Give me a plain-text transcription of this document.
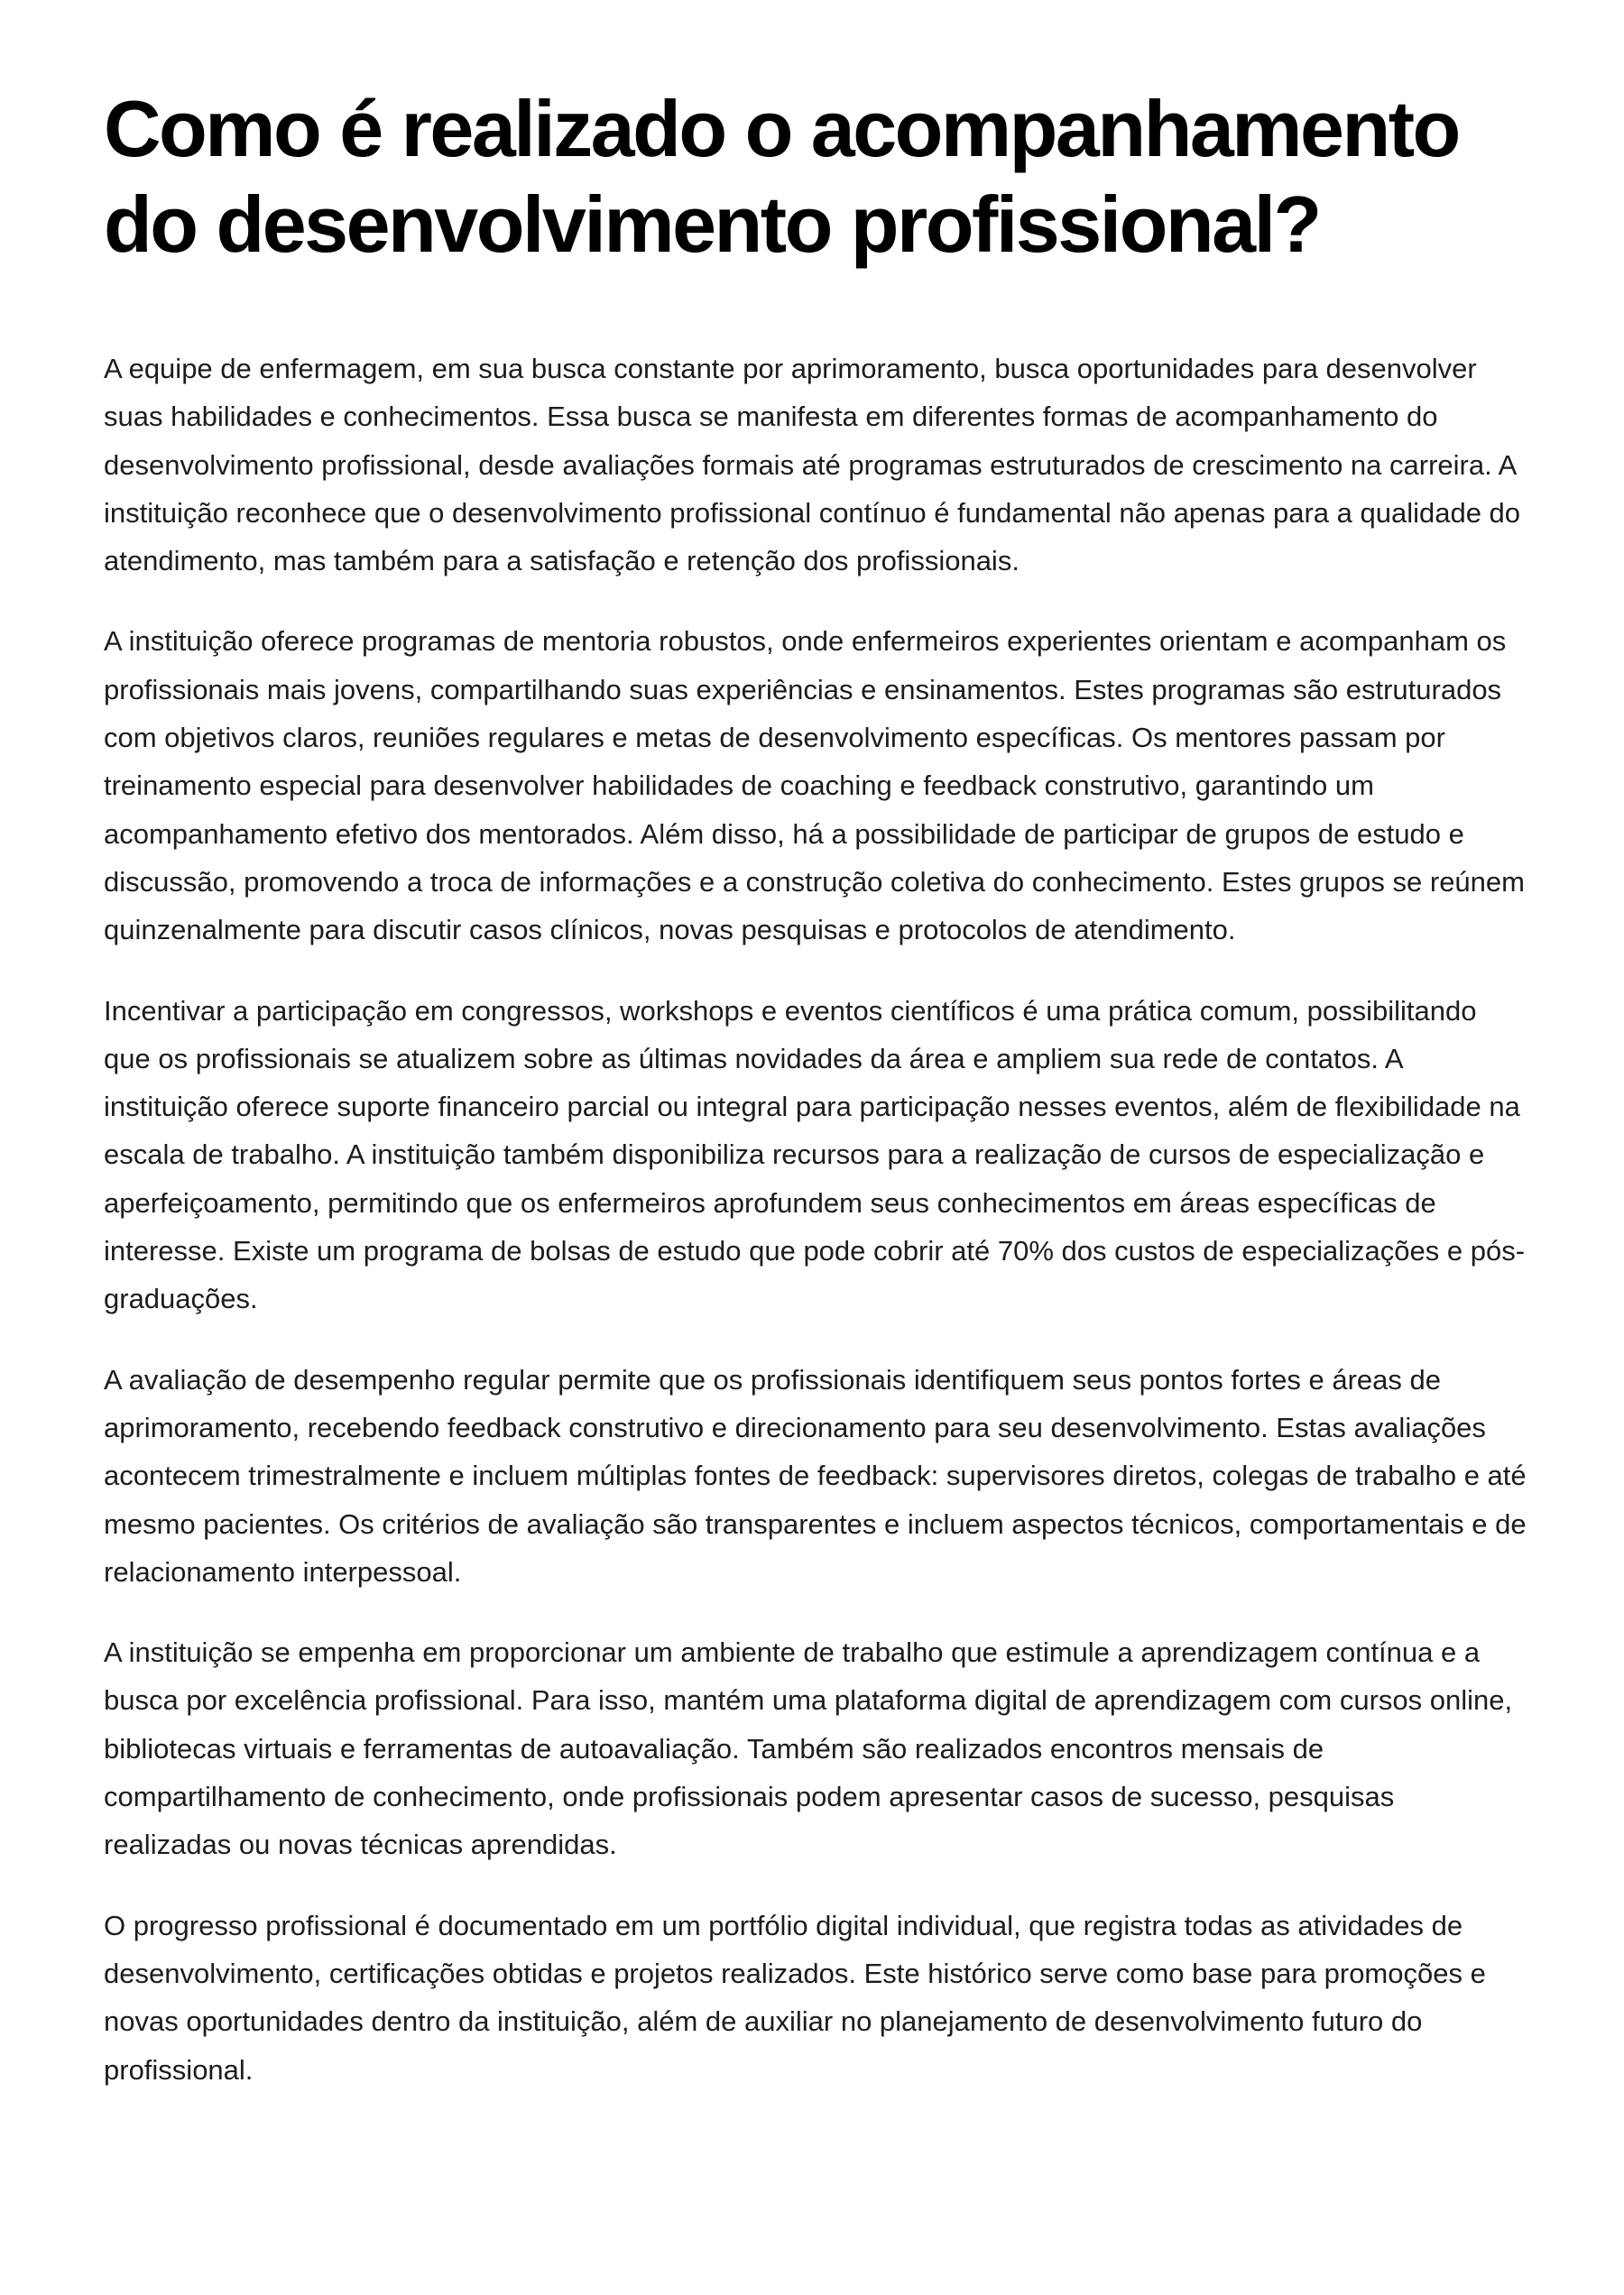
Como é realizado o acompanhamento do desenvolvimento profissional?

A equipe de enfermagem, em sua busca constante por aprimoramento, busca oportunidades para desenvolver suas habilidades e conhecimentos. Essa busca se manifesta em diferentes formas de acompanhamento do desenvolvimento profissional, desde avaliações formais até programas estruturados de crescimento na carreira. A instituição reconhece que o desenvolvimento profissional contínuo é fundamental não apenas para a qualidade do atendimento, mas também para a satisfação e retenção dos profissionais.

A instituição oferece programas de mentoria robustos, onde enfermeiros experientes orientam e acompanham os profissionais mais jovens, compartilhando suas experiências e ensinamentos. Estes programas são estruturados com objetivos claros, reuniões regulares e metas de desenvolvimento específicas. Os mentores passam por treinamento especial para desenvolver habilidades de coaching e feedback construtivo, garantindo um acompanhamento efetivo dos mentorados. Além disso, há a possibilidade de participar de grupos de estudo e discussão, promovendo a troca de informações e a construção coletiva do conhecimento. Estes grupos se reúnem quinzenalmente para discutir casos clínicos, novas pesquisas e protocolos de atendimento.

Incentivar a participação em congressos, workshops e eventos científicos é uma prática comum, possibilitando que os profissionais se atualizem sobre as últimas novidades da área e ampliem sua rede de contatos. A instituição oferece suporte financeiro parcial ou integral para participação nesses eventos, além de flexibilidade na escala de trabalho. A instituição também disponibiliza recursos para a realização de cursos de especialização e aperfeiçoamento, permitindo que os enfermeiros aprofundem seus conhecimentos em áreas específicas de interesse. Existe um programa de bolsas de estudo que pode cobrir até 70% dos custos de especializações e pós-graduações.

A avaliação de desempenho regular permite que os profissionais identifiquem seus pontos fortes e áreas de aprimoramento, recebendo feedback construtivo e direcionamento para seu desenvolvimento. Estas avaliações acontecem trimestralmente e incluem múltiplas fontes de feedback: supervisores diretos, colegas de trabalho e até mesmo pacientes. Os critérios de avaliação são transparentes e incluem aspectos técnicos, comportamentais e de relacionamento interpessoal.

A instituição se empenha em proporcionar um ambiente de trabalho que estimule a aprendizagem contínua e a busca por excelência profissional. Para isso, mantém uma plataforma digital de aprendizagem com cursos online, bibliotecas virtuais e ferramentas de autoavaliação. Também são realizados encontros mensais de compartilhamento de conhecimento, onde profissionais podem apresentar casos de sucesso, pesquisas realizadas ou novas técnicas aprendidas.

O progresso profissional é documentado em um portfólio digital individual, que registra todas as atividades de desenvolvimento, certificações obtidas e projetos realizados. Este histórico serve como base para promoções e novas oportunidades dentro da instituição, além de auxiliar no planejamento de desenvolvimento futuro do profissional.
